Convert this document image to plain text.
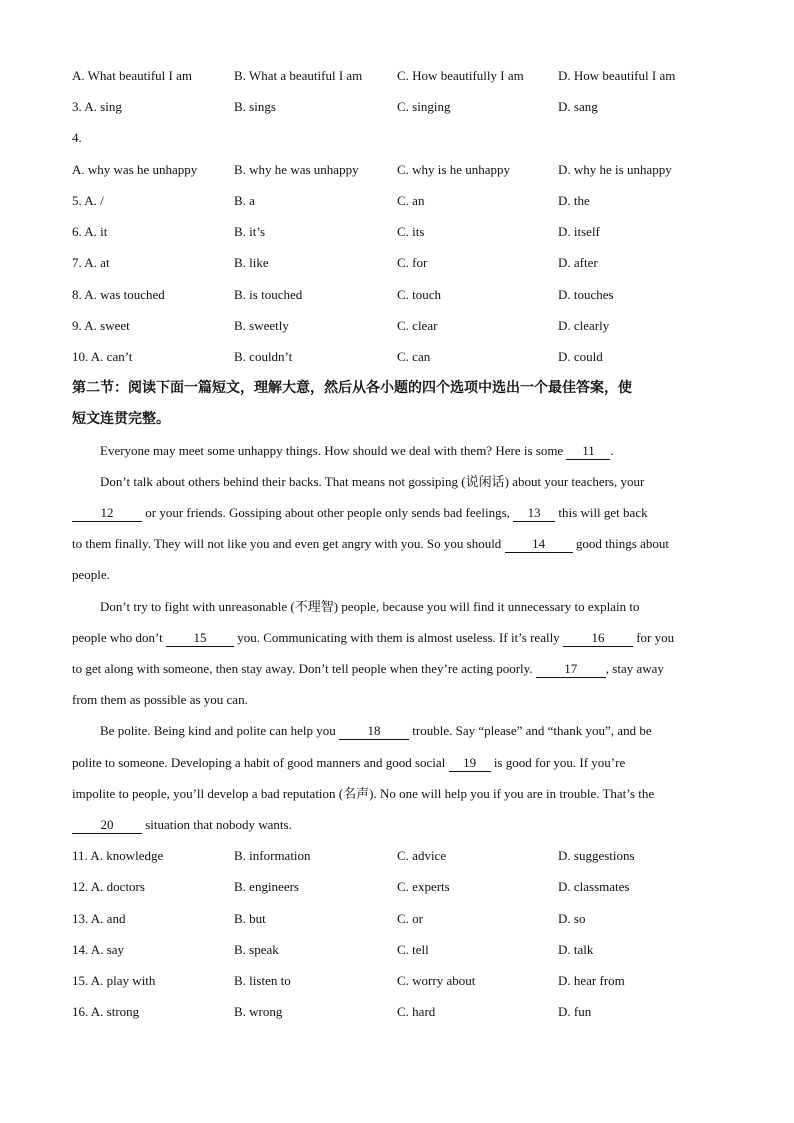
A. What beautiful I am	B. What a beautiful I am	C. How beautifully I am	D. How beautiful I am
3. A. sing	B. sings	C. singing	D. sang
4.
A. why was he unhappy	B. why he was unhappy	C. why is he unhappy	D. why he is unhappy
5. A. /	B. a	C. an	D. the
6. A. it	B. it’s	C. its	D. itself
7. A. at	B. like	C. for	D. after
8. A. was touched	B. is touched	C. touch	D. touches
9. A. sweet	B. sweetly	C. clear	D. clearly
10. A. can’t	B. couldn’t	C. can	D. could
第二节：阅读下面一篇短文，理解大意，然后从各小题的四个选项中选出一个最佳答案，使
短文连贯完整。
Everyone may meet some unhappy things. How should we deal with them? Here is some 11 .
Don’t talk about others behind their backs. That means not gossiping (说闲话) about your teachers, your
12 or your friends. Gossiping about other people only sends bad feelings, 13 this will get back
to them finally. They will not like you and even get angry with you. So you should 14 good things about
people.
Don’t try to fight with unreasonable (不理智) people, because you will find it unnecessary to explain to
people who don’t 15 you. Communicating with them is almost useless. If it’s really 16 for you
to get along with someone, then stay away. Don’t tell people when they’re acting poorly. 17 , stay away
from them as possible as you can.
Be polite. Being kind and polite can help you 18 trouble. Say “please” and “thank you”, and be
polite to someone. Developing a habit of good manners and good social 19 is good for you. If you’re
impolite to people, you’ll develop a bad reputation (名声). No one will help you if you are in trouble. That’s the
20 situation that nobody wants.
11. A. knowledge	B. information	C. advice	D. suggestions
12. A. doctors	B. engineers	C. experts	D. classmates
13. A. and	B. but	C. or	D. so
14. A. say	B. speak	C. tell	D. talk
15. A. play with	B. listen to	C. worry about	D. hear from
16. A. strong	B. wrong	C. hard	D. fun
